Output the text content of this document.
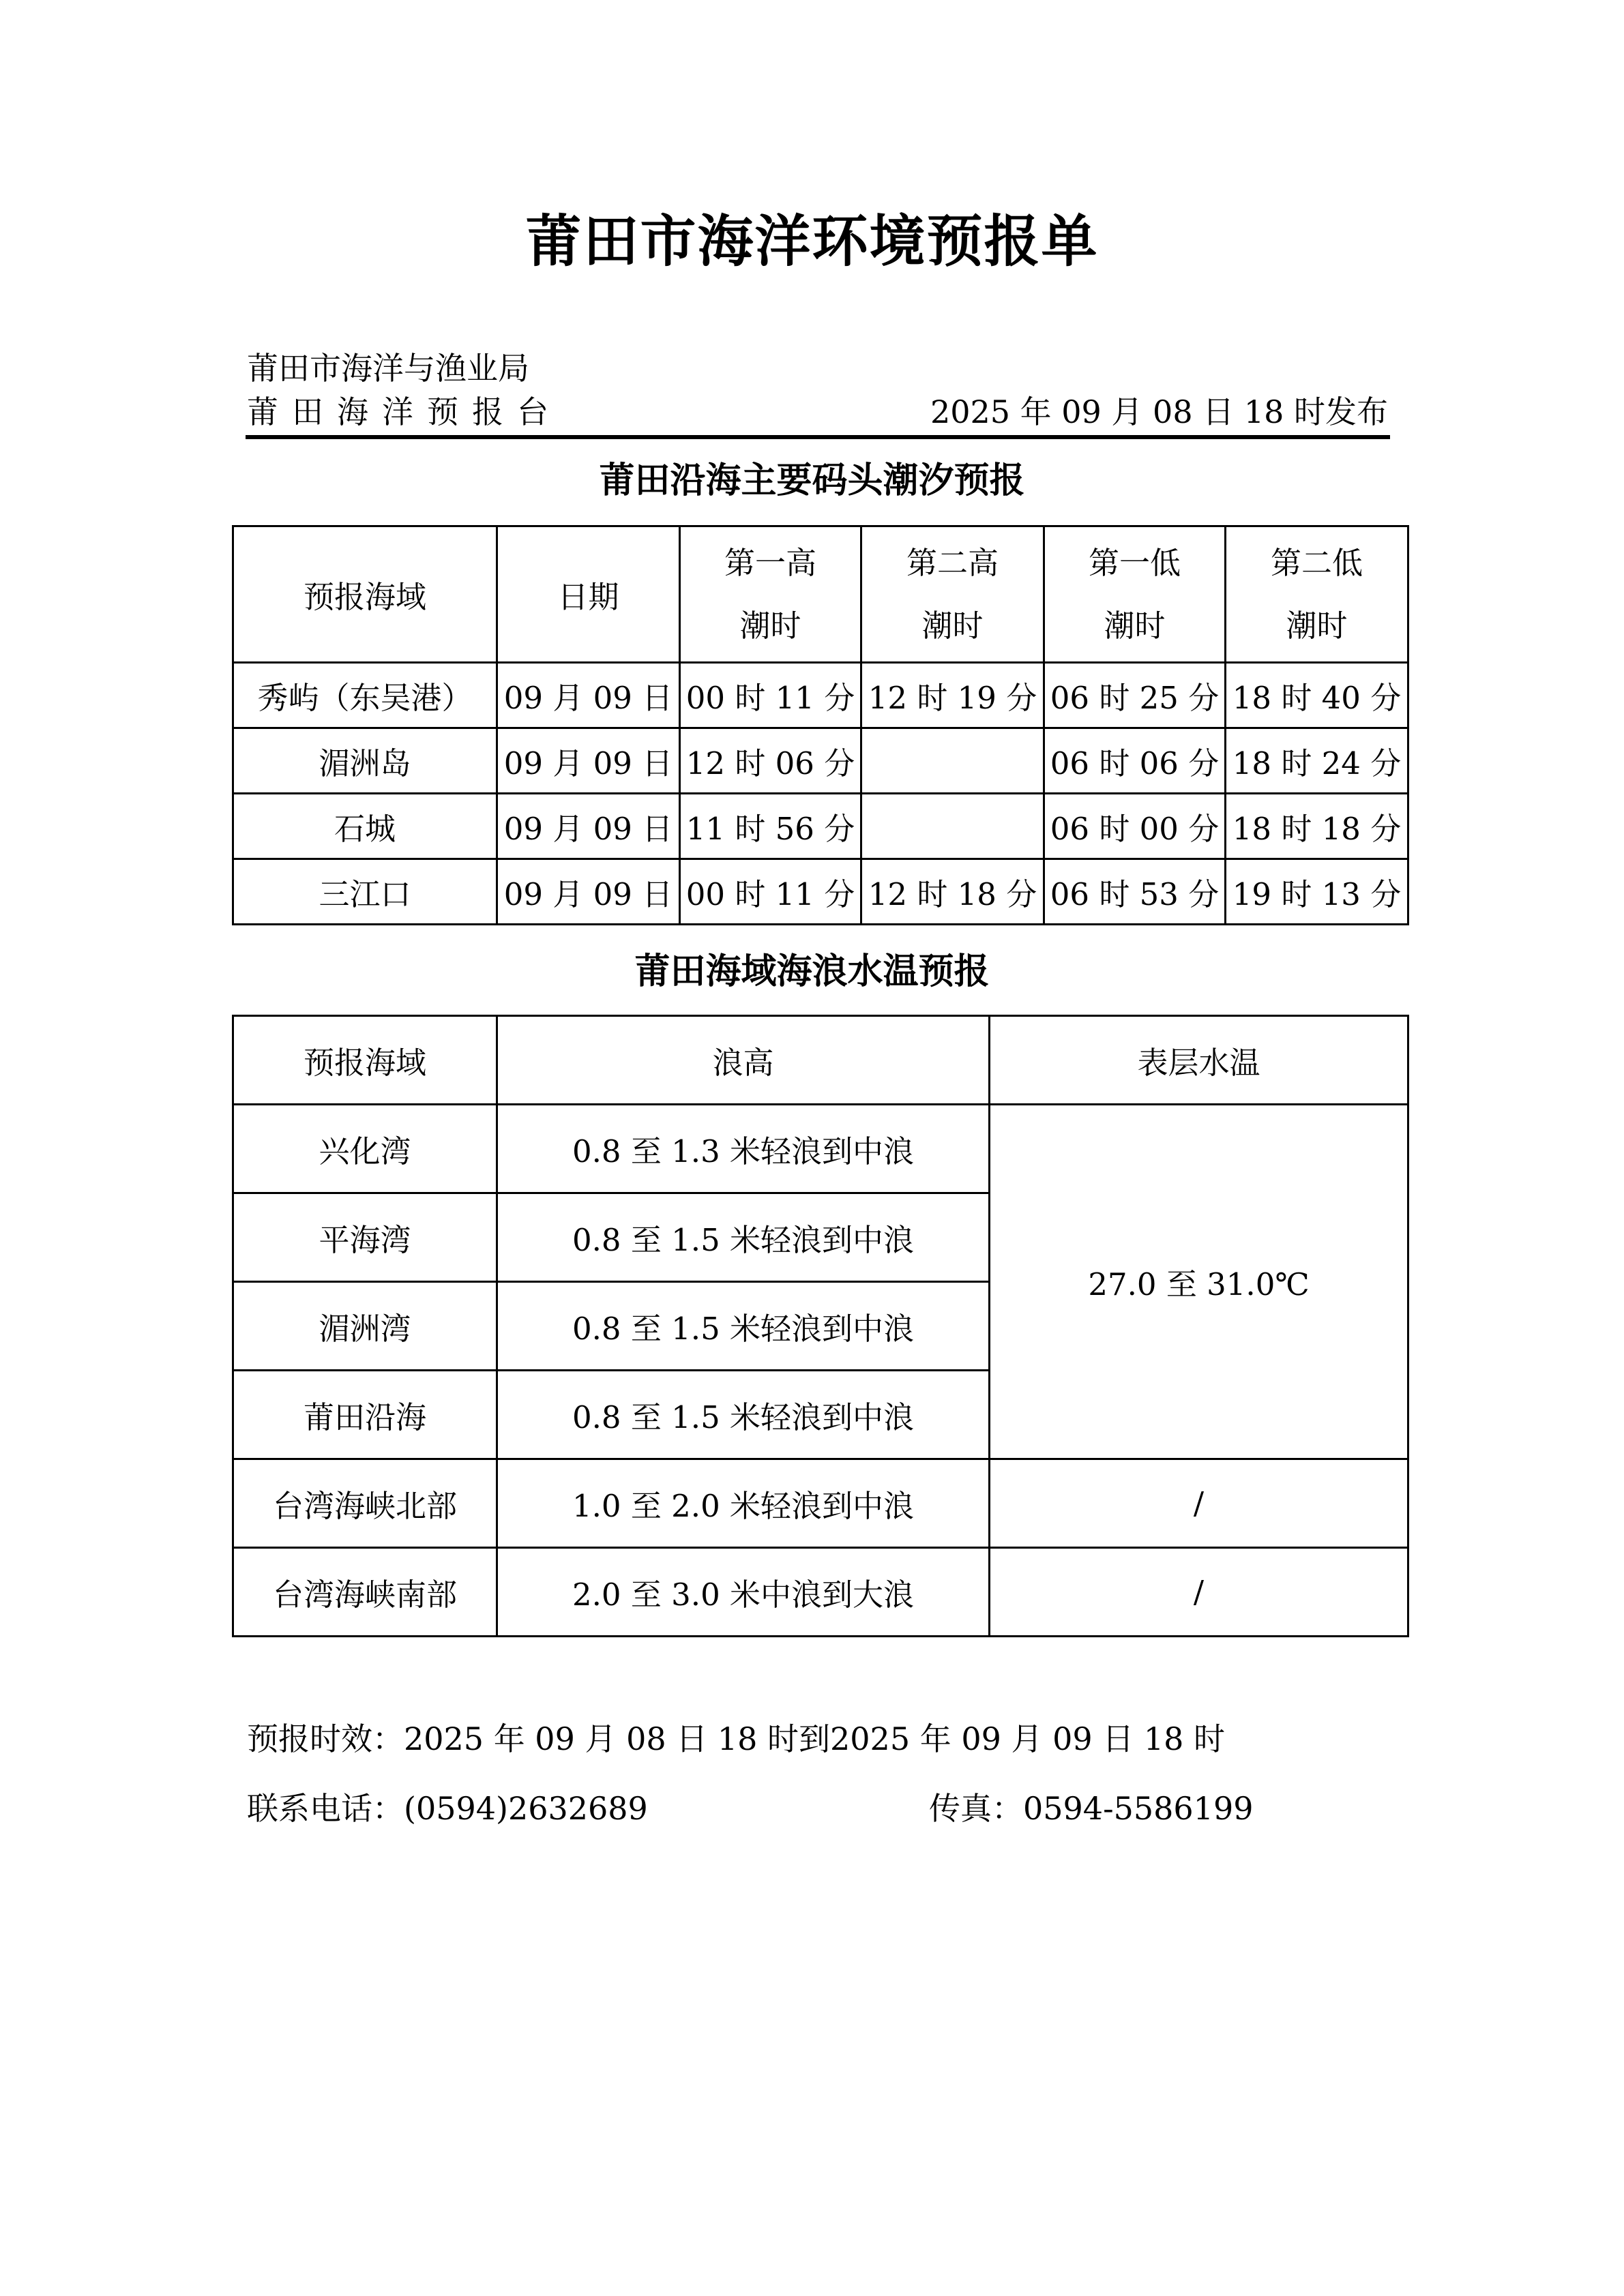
莆田市海洋环境预报单
莆田市海洋与渔业局
莆田海洋预报台	2025 年 09 月 08 日 18 时发布
莆田沿海主要码头潮汐预报
预报海域	日期	第一高潮时	第二高潮时	第一低潮时	第二低潮时
秀屿（东吴港）	09 月 09 日	00 时 11 分	12 时 19 分	06 时 25 分	18 时 40 分
湄洲岛	09 月 09 日	12 时 06 分		06 时 06 分	18 时 24 分
石城	09 月 09 日	11 时 56 分		06 时 00 分	18 时 18 分
三江口	09 月 09 日	00 时 11 分	12 时 18 分	06 时 53 分	19 时 13 分
莆田海域海浪水温预报
预报海域	浪高	表层水温
兴化湾	0.8 至 1.3 米轻浪到中浪	27.0 至 31.0℃
平海湾	0.8 至 1.5 米轻浪到中浪	
湄洲湾	0.8 至 1.5 米轻浪到中浪	
莆田沿海	0.8 至 1.5 米轻浪到中浪	
台湾海峡北部	1.0 至 2.0 米轻浪到中浪	/
台湾海峡南部	2.0 至 3.0 米中浪到大浪	/
预报时效：2025 年 09 月 08 日 18 时到2025 年 09 月 09 日 18 时
联系电话：(0594)2632689	传真：0594-5586199
